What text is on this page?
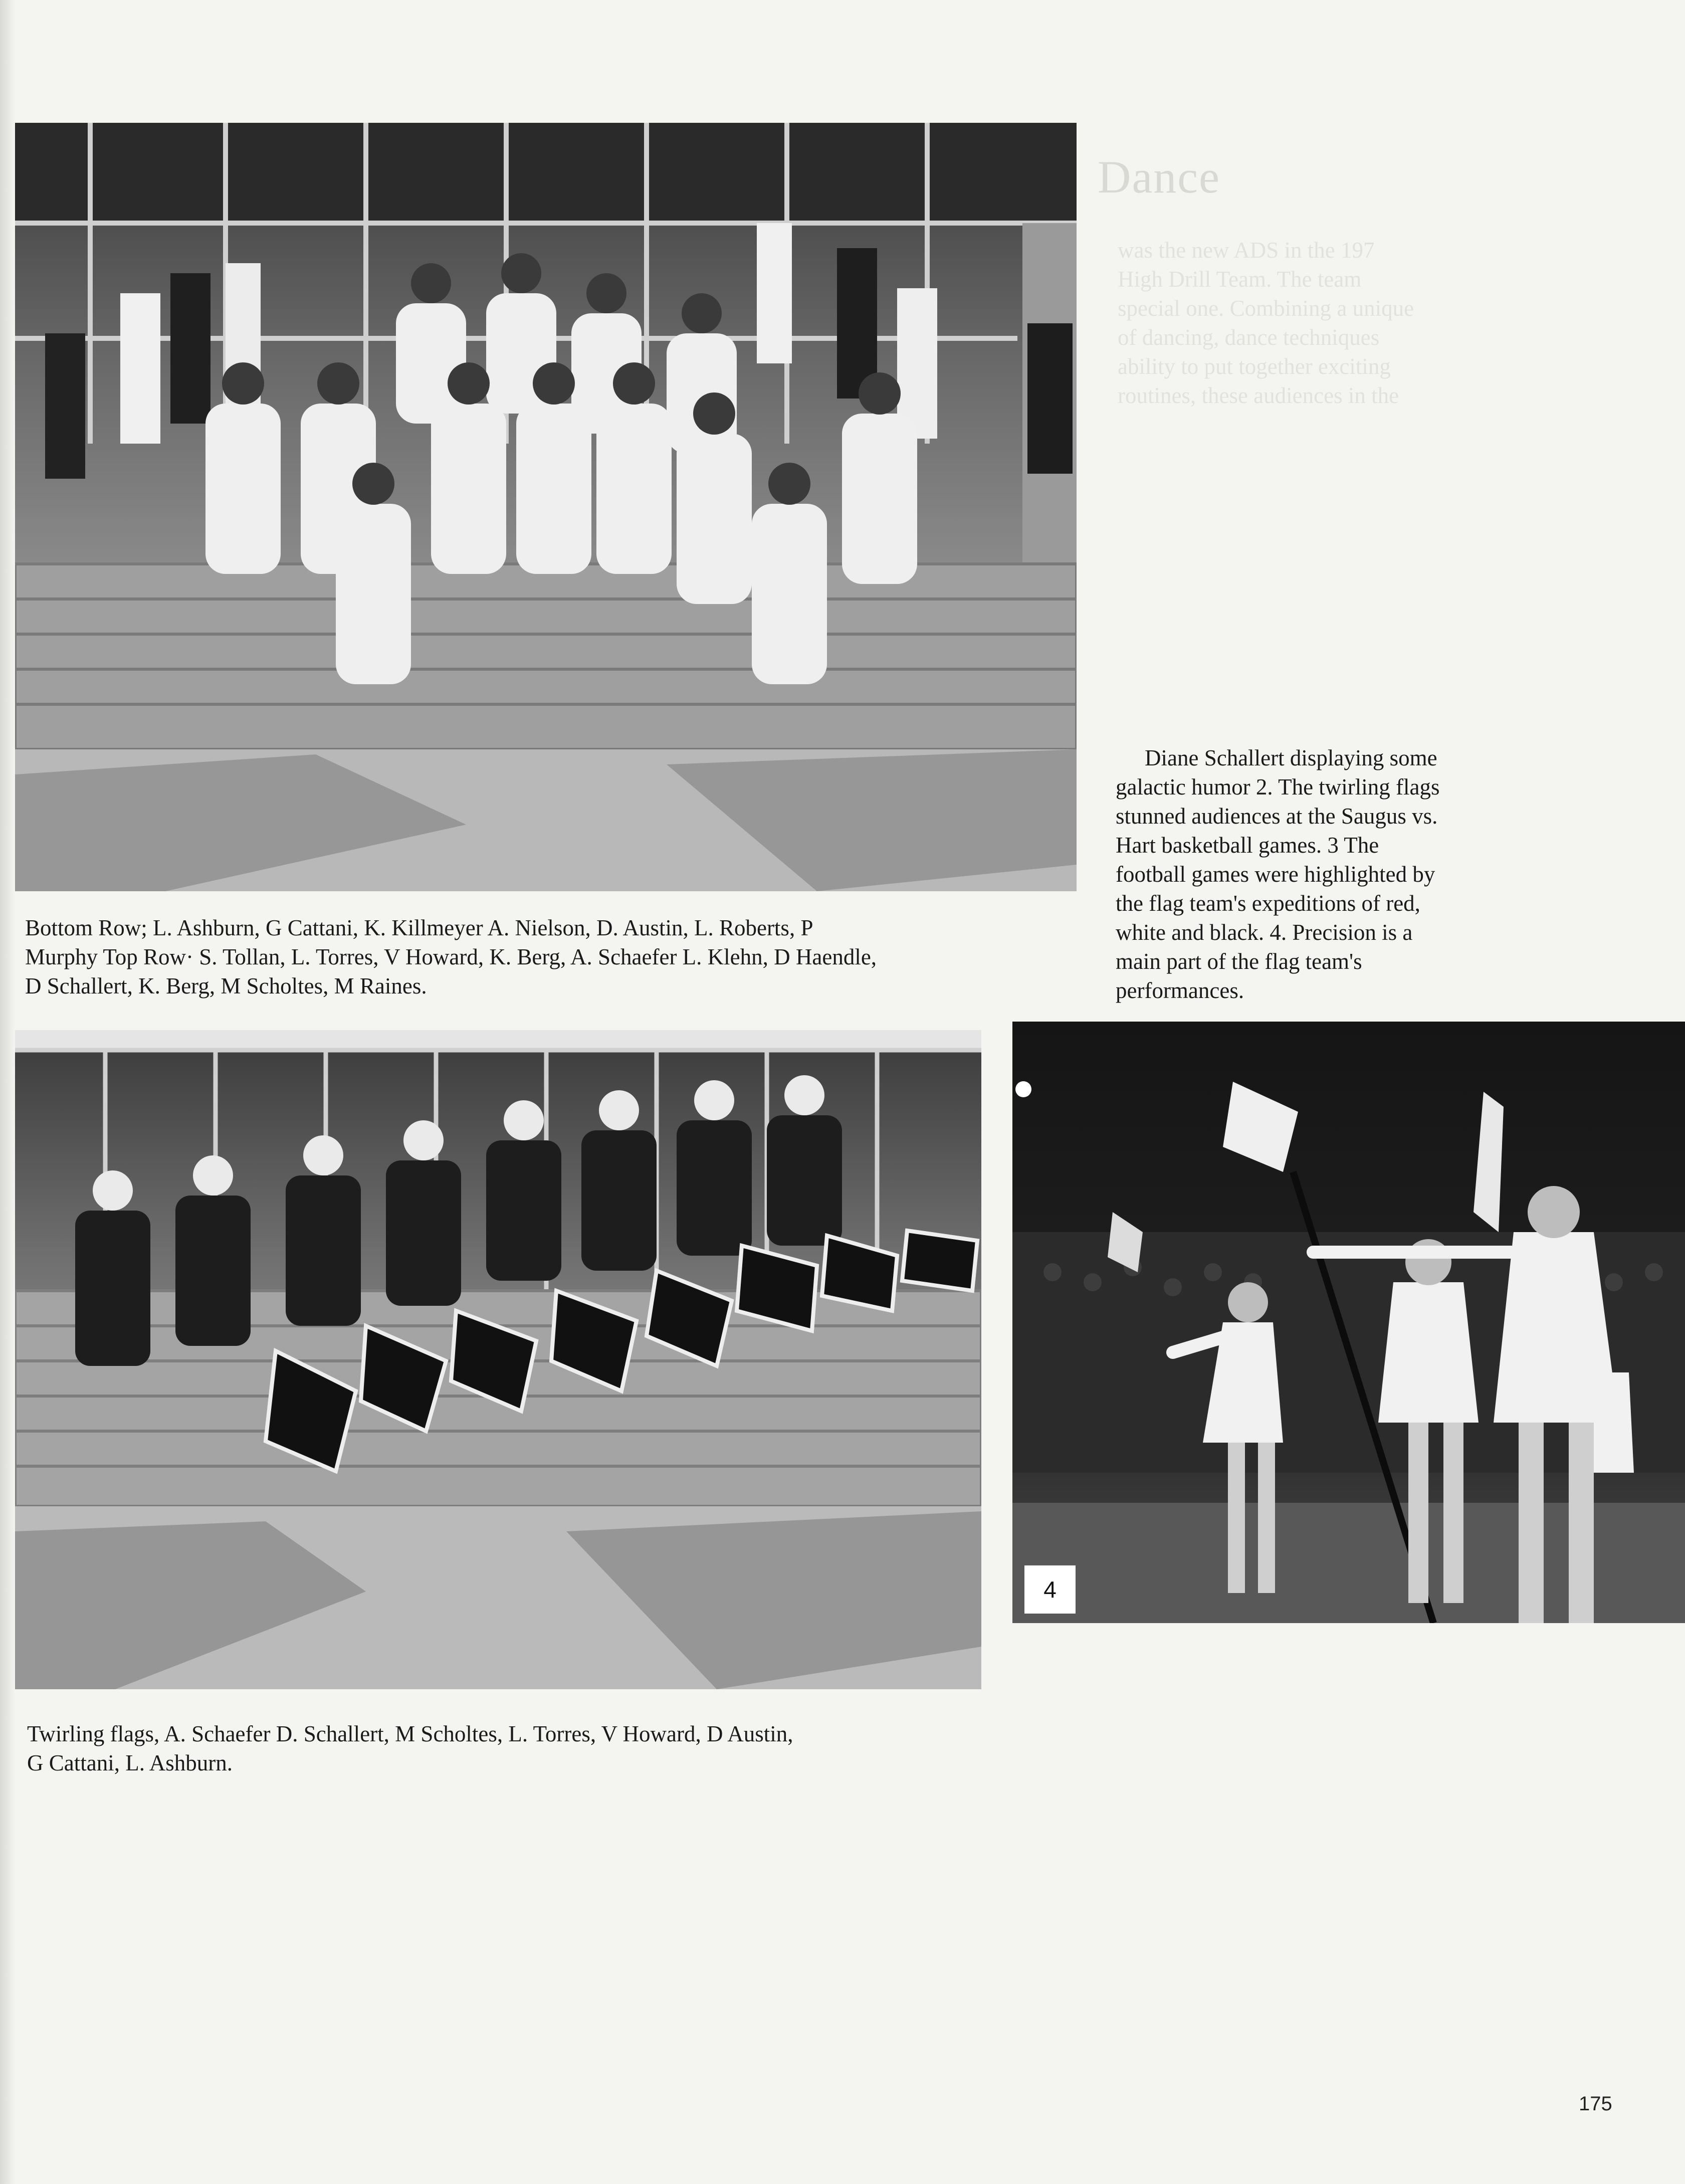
Dance
was the new ADS in the 197
High Drill Team. The team
special one. Combining a unique
of dancing, dance techniques
ability to put together exciting
routines, these audiences in the
Bottom Row; L. Ashburn, G Cattani, K. Killmeyer A. Nielson, D. Austin, L. Roberts, P
Murphy Top Row· S. Tollan, L. Torres, V Howard, K. Berg, A. Schaefer L. Klehn, D Haendle,
D Schallert, K. Berg, M Scholtes, M Raines.
Diane Schallert displaying some
galactic humor 2. The twirling flags
stunned audiences at the Saugus vs.
Hart basketball games. 3 The
football games were highlighted by
the flag team's expeditions of red,
white and black. 4. Precision is a
main part of the flag team's
performances.
Twirling flags, A. Schaefer D. Schallert, M Scholtes, L. Torres, V Howard, D Austin,
G Cattani, L. Ashburn.
4
175
